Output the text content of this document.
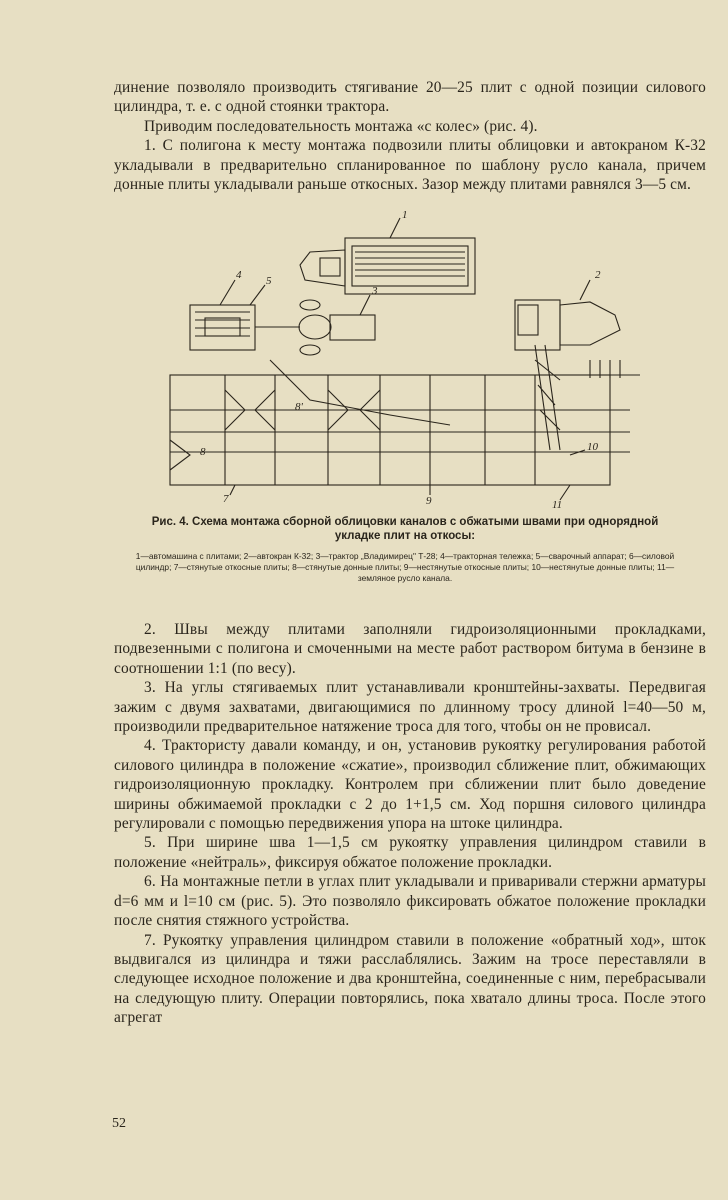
динение позволяло производить стягивание 20—25 плит с одной позиции силового цилиндра, т. е. с одной стоянки трактора.

Приводим последовательность монтажа «с колес» (рис. 4).

1. С полигона к месту монтажа подвозили плиты облицовки и автокраном К-32 укладывали в предварительно спланированное по шаблону русло канала, причем донные плиты укладывали раньше откосных. Зазор между плитами равнялся 3—5 см.

1
2
3
4 5
8
8'
7	9
10
11

Рис. 4. Схема монтажа сборной облицовки каналов с обжатыми швами при однорядной укладке плит на откосы:

1—автомашина с плитами; 2—автокран К-32; 3—трактор „Владимирец" Т-28; 4—тракторная тележка; 5—сварочный аппарат; 6—силовой цилиндр; 7—стянутые откосные плиты; 8—стянутые донные плиты; 9—нестянутые откосные плиты; 10—нестянутые донные плиты; 11—земляное русло канала.

2. Швы между плитами заполняли гидроизоляционными прокладками, подвезенными с полигона и смоченными на месте работ раствором битума в бензине в соотношении 1:1 (по весу).

3. На углы стягиваемых плит устанавливали кронштейны-захваты. Передвигая зажим с двумя захватами, двигающимися по длинному тросу длиной l=40—50 м, производили предварительное натяжение троса для того, чтобы он не провисал.

4. Трактористу давали команду, и он, установив рукоятку регулирования работой силового цилиндра в положение «сжатие», производил сближение плит, обжимающих гидроизоляционную прокладку. Контролем при сближении плит было доведение ширины обжимаемой прокладки с 2 до 1+1,5 см. Ход поршня силового цилиндра регулировали с помощью передвижения упора на штоке цилиндра.

5. При ширине шва 1—1,5 см рукоятку управления цилиндром ставили в положение «нейтраль», фиксируя обжатое положение прокладки.

6. На монтажные петли в углах плит укладывали и приваривали стержни арматуры d=6 мм и l=10 см (рис. 5). Это позволяло фиксировать обжатое положение прокладки после снятия стяжного устройства.

7. Рукоятку управления цилиндром ставили в положение «обратный ход», шток выдвигался из цилиндра и тяжи расслаблялись. Зажим на тросе переставляли в следующее исходное положение и два кронштейна, соединенные с ним, перебрасывали на следующую плиту. Операции повторялись, пока хватало длины троса. После этого агрегат

52
